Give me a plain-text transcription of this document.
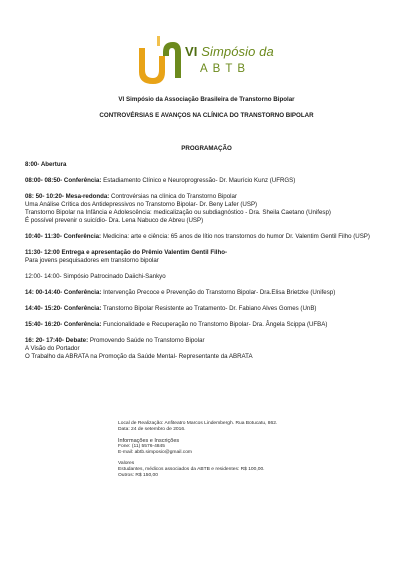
VI Simpósio da
ABTB
VI Simpósio da Associação Brasileira de Transtorno Bipolar
CONTROVÉRSIAS E AVANÇOS NA CLÍNICA DO TRANSTORNO BIPOLAR
PROGRAMAÇÃO
8:00- Abertura
08:00- 08:50- Conferência: Estadiamento Clínico e Neuroprogressão- Dr. Maurício Kunz (UFRGS)
08: 50- 10:20- Mesa-redonda: Controvérsias na clínica do Transtorno Bipolar
Uma Análise Crítica dos Antidepressivos no Transtorno Bipolar- Dr. Beny Lafer (USP)
Transtorno Bipolar na Infância e Adolescência: medicalização ou subdiagnóstico - Dra. Sheila Caetano (Unifesp)
É possível prevenir o suicídio- Dra. Lena Nabuco de Abreu (USP)
10:40- 11:30- Conferência: Medicina: arte e ciência: 65 anos de lítio nos transtornos do humor Dr. Valentim Gentil Filho (USP)
11:30- 12:00 Entrega e apresentação do Prêmio Valentim Gentil Filho-
Para jovens pesquisadores em transtorno bipolar
12:00- 14:00- Simpósio Patrocinado Daiichi-Sankyo
14: 00-14:40- Conferência: Intervenção Precoce e Prevenção do Transtorno Bipolar- Dra.Elisa Brietzke (Unifesp)
14:40- 15:20- Conferência: Transtorno Bipolar Resistente ao Tratamento- Dr. Fabiano Alves Gomes (UnB)
15:40- 16:20- Conferência: Funcionalidade e Recuperação no Transtorno Bipolar- Dra. Ângela Scippa (UFBA)
16: 20- 17:40- Debate: Promovendo Saúde no Transtorno Bipolar
A Visão do Portador
O Trabalho da ABRATA na Promoção da Saúde Mental- Representante da ABRATA
Local de Realização: Anfiteatro Marcos Lindembergh. Rua Botucatu, 862.
Data: 24 de setembro de 2016.
Informações e Inscrições
Fone: (11) 5576-4845
E-mail: abtb.simposio@gmail.com
Valores
Estudantes, médicos associados da ABTB e residentes: R$ 100,00.
Outros: R$ 150,00
